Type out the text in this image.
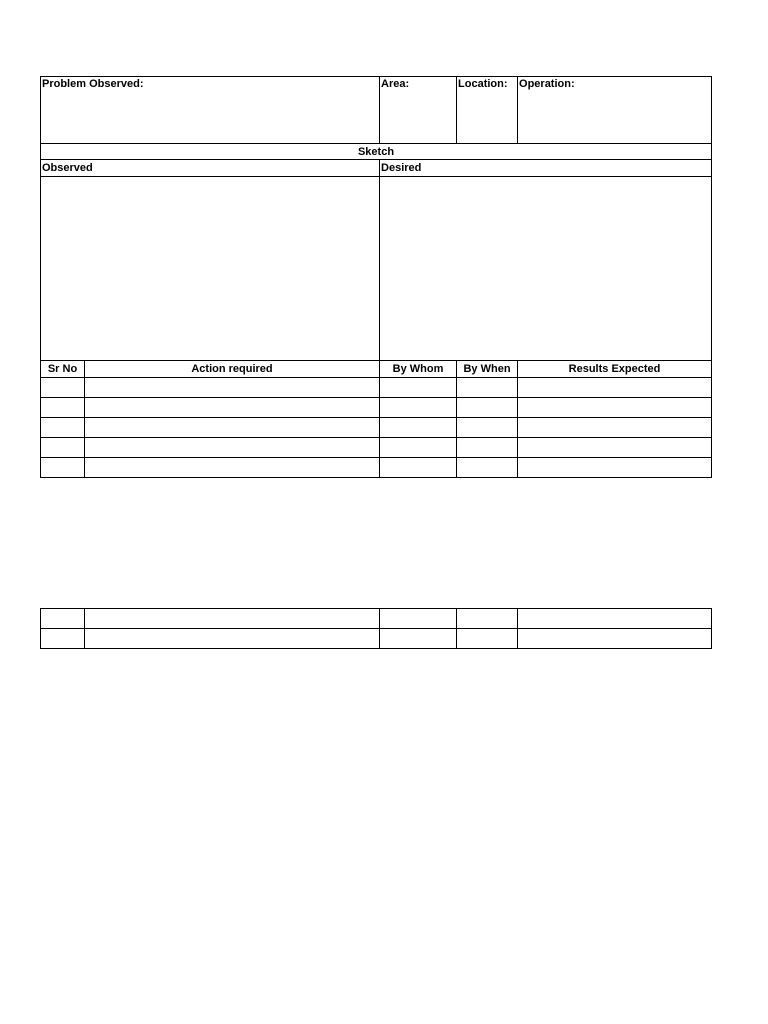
Problem Observed:		Area:	Location:	Operation:
Sketch				
Observed		Desired		

Sr No	Action required	By Whom	By When	Results Expected
